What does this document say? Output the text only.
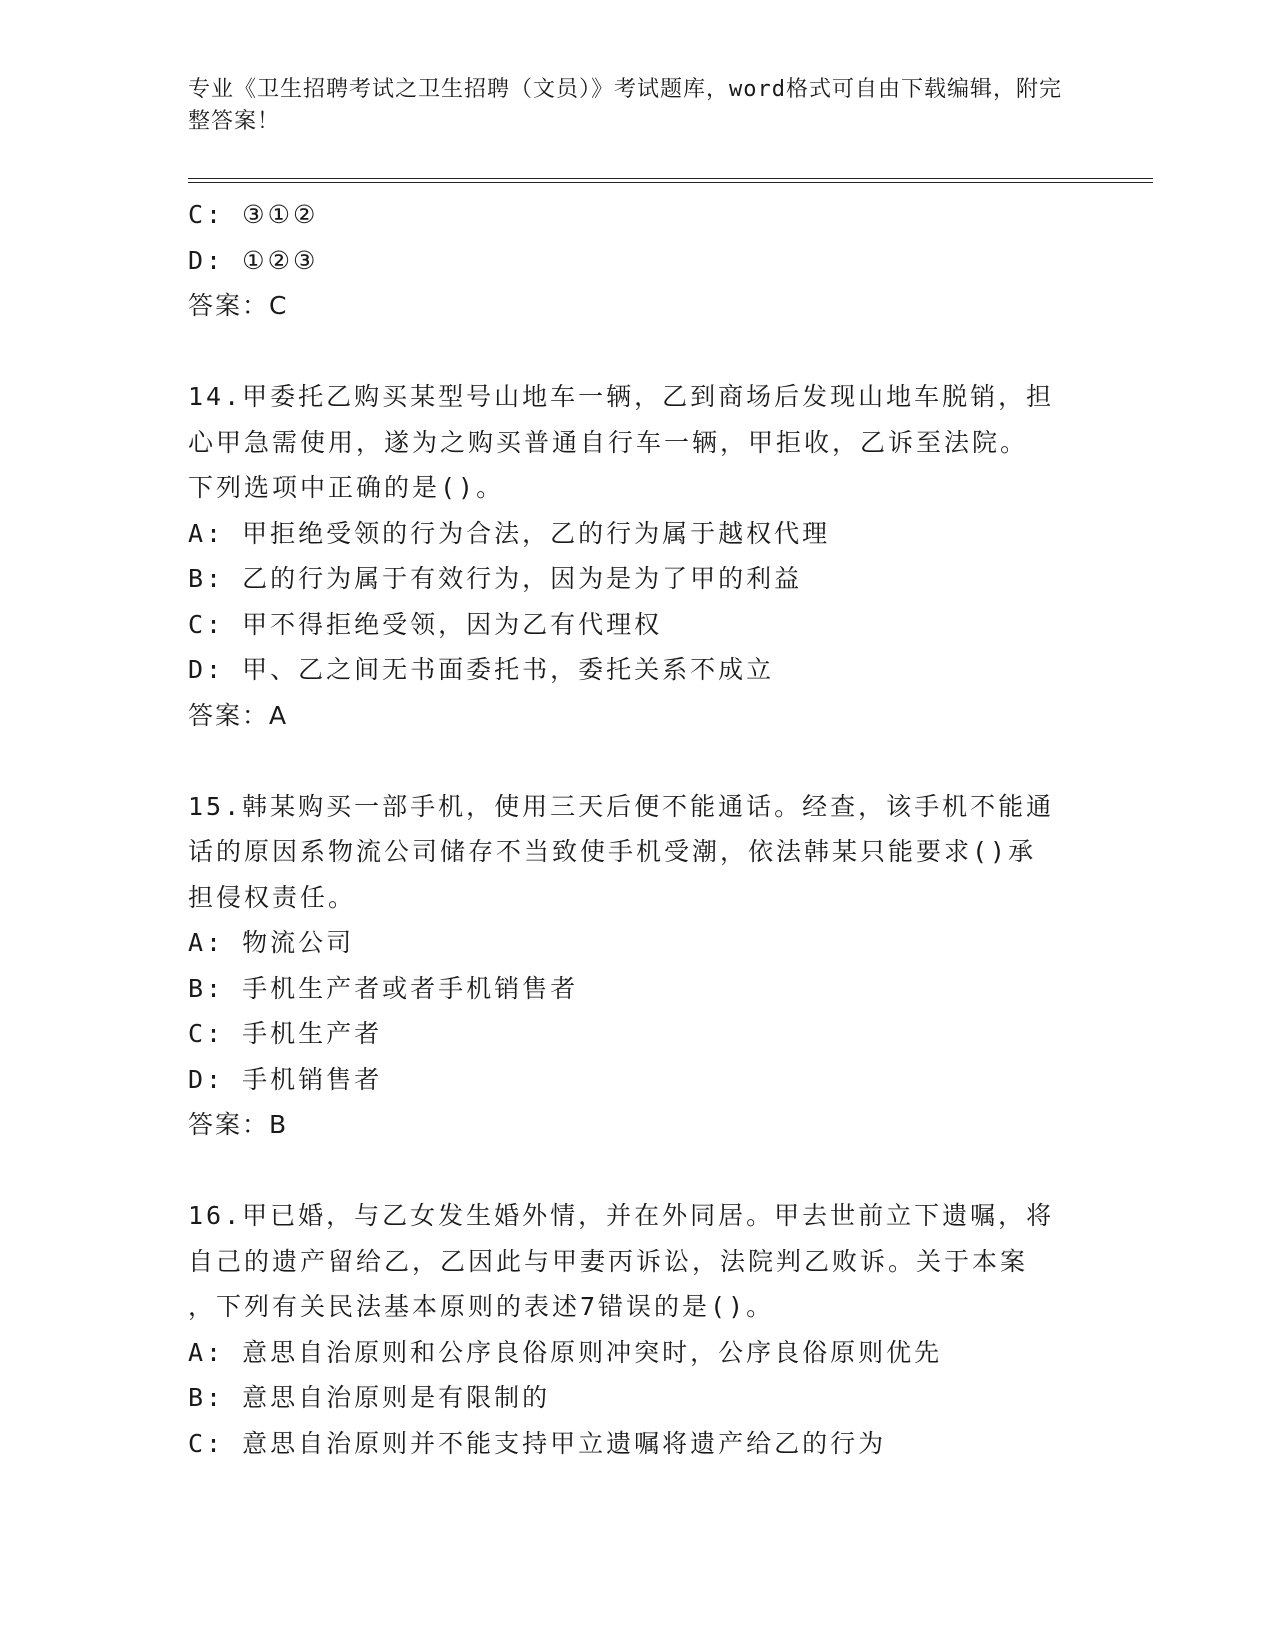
专业《卫生招聘考试之卫生招聘（文员）》考试题库，word格式可自由下载编辑，附完整答案！
C: ③①②
D: ①②③
答案：C
14.甲委托乙购买某型号山地车一辆，乙到商场后发现山地车脱销，担
心甲急需使用，遂为之购买普通自行车一辆，甲拒收，乙诉至法院。
下列选项中正确的是()。
A: 甲拒绝受领的行为合法，乙的行为属于越权代理
B: 乙的行为属于有效行为，因为是为了甲的利益
C: 甲不得拒绝受领，因为乙有代理权
D: 甲、乙之间无书面委托书，委托关系不成立
答案：A
15.韩某购买一部手机，使用三天后便不能通话。经查，该手机不能通
话的原因系物流公司储存不当致使手机受潮，依法韩某只能要求()承
担侵权责任。
A: 物流公司
B: 手机生产者或者手机销售者
C: 手机生产者
D: 手机销售者
答案：B
16.甲已婚，与乙女发生婚外情，并在外同居。甲去世前立下遗嘱，将
自己的遗产留给乙，乙因此与甲妻丙诉讼，法院判乙败诉。关于本案
，下列有关民法基本原则的表述7错误的是()。
A: 意思自治原则和公序良俗原则冲突时，公序良俗原则优先
B: 意思自治原则是有限制的
C: 意思自治原则并不能支持甲立遗嘱将遗产给乙的行为
